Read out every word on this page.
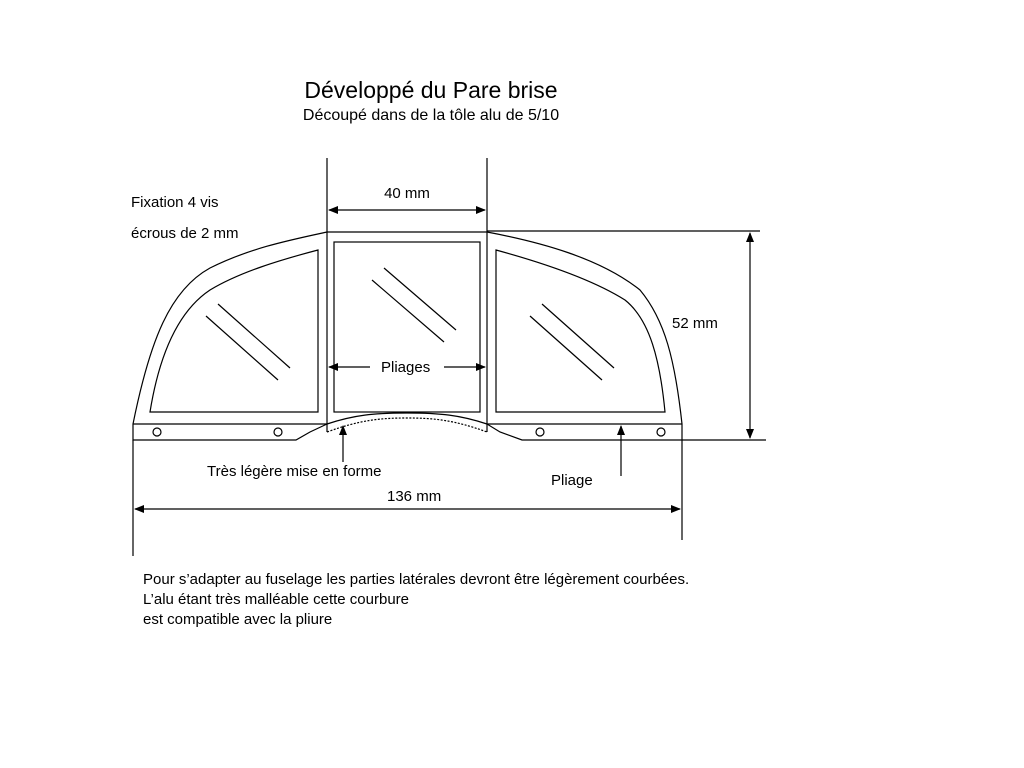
Développé du Pare brise
Découpé dans de la tôle alu de 5/10
40 mm
Fixation 4 vis
écrous de 2 mm
52 mm
Pliages
Très légère mise en forme
Pliage
136 mm
Pour s’adapter au fuselage les parties latérales devront être légèrement courbées.
L’alu étant très malléable cette courbure
est compatible avec la pliure
